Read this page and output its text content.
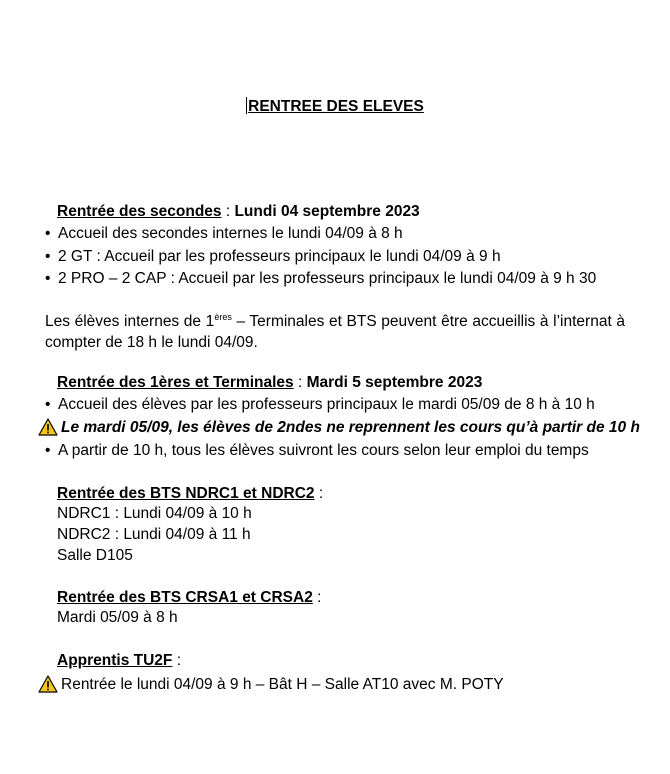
RENTREE DES ELEVES
Rentrée des secondes : Lundi 04 septembre 2023
• Accueil des secondes internes le lundi 04/09 à 8 h
• 2 GT : Accueil par les professeurs principaux le lundi 04/09 à 9 h
• 2 PRO – 2 CAP : Accueil par les professeurs principaux le lundi 04/09 à 9 h 30
Les élèves internes de 1ères – Terminales et BTS peuvent être accueillis à l’internat à compter de 18 h le lundi 04/09.
Rentrée des 1ères et Terminales : Mardi 5 septembre 2023
• Accueil des élèves par les professeurs principaux le mardi 05/09 de 8 h à 10 h
Le mardi 05/09, les élèves de 2ndes ne reprennent les cours qu’à partir de 10 h
• A partir de 10 h, tous les élèves suivront les cours selon leur emploi du temps
Rentrée des BTS NDRC1 et NDRC2 :
NDRC1 : Lundi 04/09 à 10 h
NDRC2 : Lundi 04/09 à 11 h
Salle D105
Rentrée des BTS CRSA1 et CRSA2 :
Mardi 05/09 à 8 h
Apprentis TU2F :
Rentrée le lundi 04/09 à 9 h – Bât H – Salle AT10 avec M. POTY
